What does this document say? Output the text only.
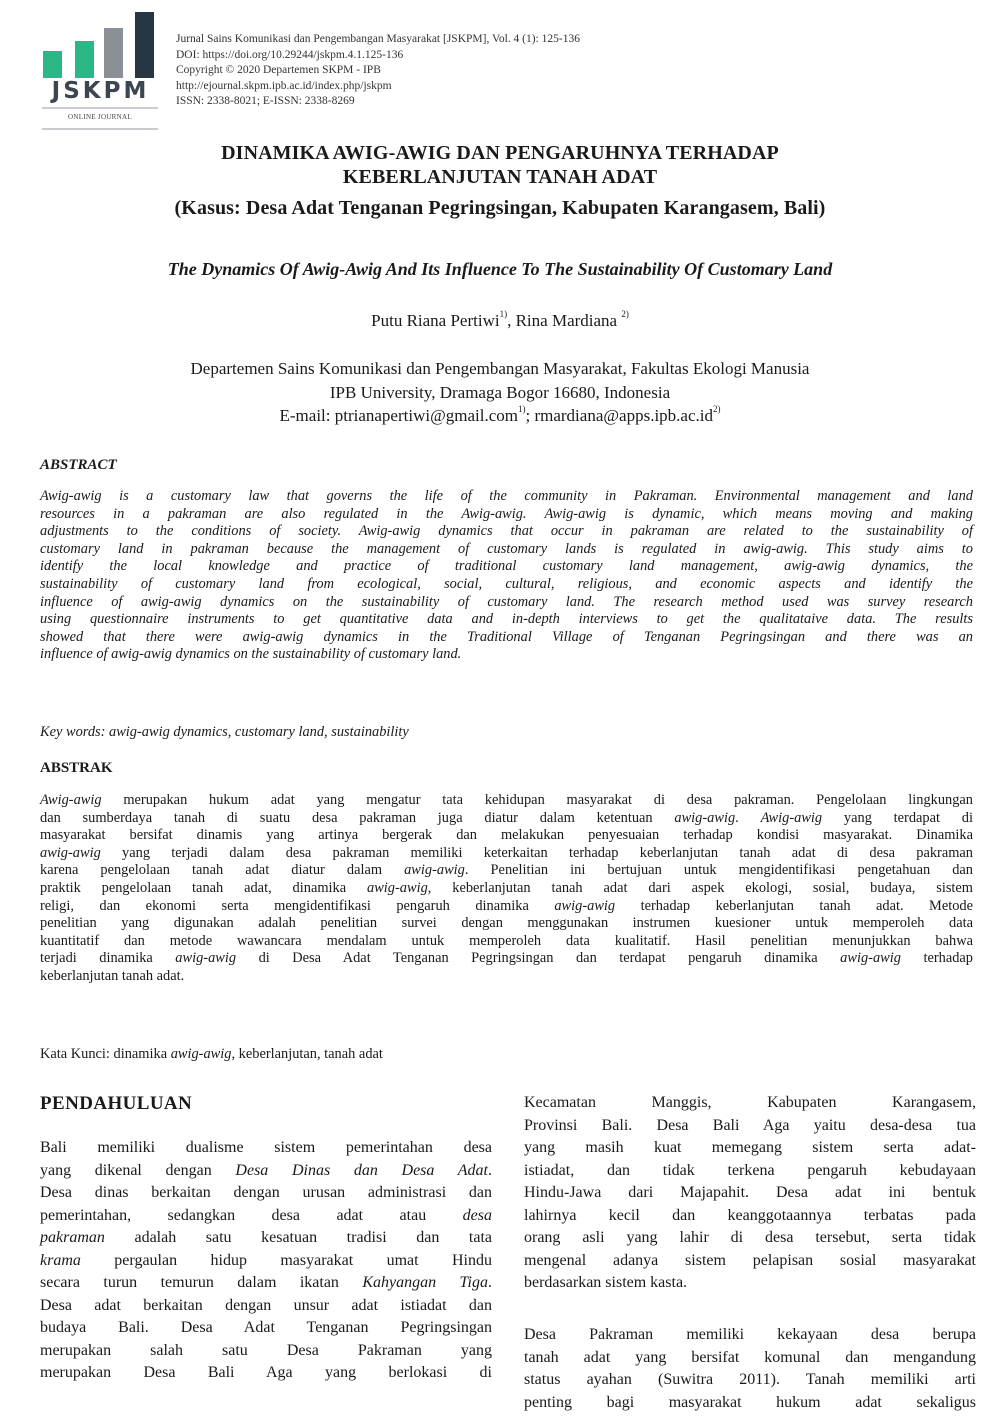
JSKPM
ONLINE JOURNAL
Jurnal Sains Komunikasi dan Pengembangan Masyarakat [JSKPM], Vol. 4 (1): 125-136
DOI: https://doi.org/10.29244/jskpm.4.1.125-136
Copyright © 2020 Departemen SKPM - IPB
http://ejournal.skpm.ipb.ac.id/index.php/jskpm
ISSN: 2338-8021; E-ISSN: 2338-8269
DINAMIKA AWIG-AWIG DAN PENGARUHNYA TERHADAP
KEBERLANJUTAN TANAH ADAT
(Kasus: Desa Adat Tenganan Pegringsingan, Kabupaten Karangasem, Bali)
The Dynamics Of Awig-Awig And Its Influence To The Sustainability Of Customary Land
Putu Riana Pertiwi$^{1)}$, Rina Mardiana $^{2)}$
Departemen Sains Komunikasi dan Pengembangan Masyarakat, Fakultas Ekologi Manusia
IPB University, Dramaga Bogor 16680, Indonesia
E-mail: ptrianapertiwi@gmail.com$^{1)}$; $rmardiana@apps.ipb.ac.id^{2)}$
ABSTRACT
Awig-awig is a customary law that governs the life of the community in Pakraman. Environmental management and land
resources in a pakraman are also regulated in the Awig-awig. Awig-awig is dynamic, which means moving and making
adjustments to the conditions of society. Awig-awig dynamics that occur in pakraman are related to the sustainability of
customary land in pakraman because the management of customary lands is regulated in awig-awig. This study aims to
identify the local knowledge and practice of traditional customary land management, awig-awig dynamics, the
sustainability of customary land from ecological, social, cultural, religious, and economic aspects and identify the
influence of awig-awig dynamics on the sustainability of customary land. The research method used was survey research
using questionnaire instruments to get quantitative data and in-depth interviews to get the qualitataive data. The results
showed that there were awig-awig dynamics in the Traditional Village of Tenganan Pegringsingan and there was an
influence of awig-awig dynamics on the sustainability of customary land.
Key words: awig-awig dynamics, customary land, sustainability
ABSTRAK
Awig-awig merupakan hukum adat yang mengatur tata kehidupan masyarakat di desa pakraman. Pengelolaan lingkungan
dan sumberdaya tanah di suatu desa pakraman juga diatur dalam ketentuan awig-awig. Awig-awig yang terdapat di
masyarakat bersifat dinamis yang artinya bergerak dan melakukan penyesuaian terhadap kondisi masyarakat. Dinamika
awig-awig yang terjadi dalam desa pakraman memiliki keterkaitan terhadap keberlanjutan tanah adat di desa pakraman
karena pengelolaan tanah adat diatur dalam awig-awig. Penelitian ini bertujuan untuk mengidentifikasi pengetahuan dan
praktik pengelolaan tanah adat, dinamika awig-awig, keberlanjutan tanah adat dari aspek ekologi, sosial, budaya, sistem
religi, dan ekonomi serta mengidentifikasi pengaruh dinamika awig-awig terhadap keberlanjutan tanah adat. Metode
penelitian yang digunakan adalah penelitian survei dengan menggunakan instrumen kuesioner untuk memperoleh data
kuantitatif dan metode wawancara mendalam untuk memperoleh data kualitatif. Hasil penelitian menunjukkan bahwa
terjadi dinamika awig-awig di Desa Adat Tenganan Pegringsingan dan terdapat pengaruh dinamika awig-awig terhadap
keberlanjutan tanah adat.
Kata Kunci: dinamika awig-awig, keberlanjutan, tanah adat
PENDAHULUAN
Bali memiliki dualisme sistem pemerintahan desa
yang dikenal dengan Desa Dinas dan Desa Adat.
Desa dinas berkaitan dengan urusan administrasi dan
pemerintahan, sedangkan desa adat atau desa
pakraman adalah satu kesatuan tradisi dan tata
krama pergaulan hidup masyarakat umat Hindu
secara turun temurun dalam ikatan Kahyangan Tiga.
Desa adat berkaitan dengan unsur adat istiadat dan
budaya Bali. Desa Adat Tenganan Pegringsingan
merupakan salah satu Desa Pakraman yang
merupakan Desa Bali Aga yang berlokasi di
Kecamatan Manggis, Kabupaten Karangasem,
Provinsi Bali. Desa Bali Aga yaitu desa-desa tua
yang masih kuat memegang sistem serta adat-
istiadat, dan tidak terkena pengaruh kebudayaan
Hindu-Jawa dari Majapahit. Desa adat ini bentuk
lahirnya kecil dan keanggotaannya terbatas pada
orang asli yang lahir di desa tersebut, serta tidak
mengenal adanya sistem pelapisan sosial masyarakat
berdasarkan sistem kasta.
Desa Pakraman memiliki kekayaan desa berupa
tanah adat yang bersifat komunal dan mengandung
status ayahan (Suwitra 2011). Tanah memiliki arti
penting bagi masyarakat hukum adat sekaligus
